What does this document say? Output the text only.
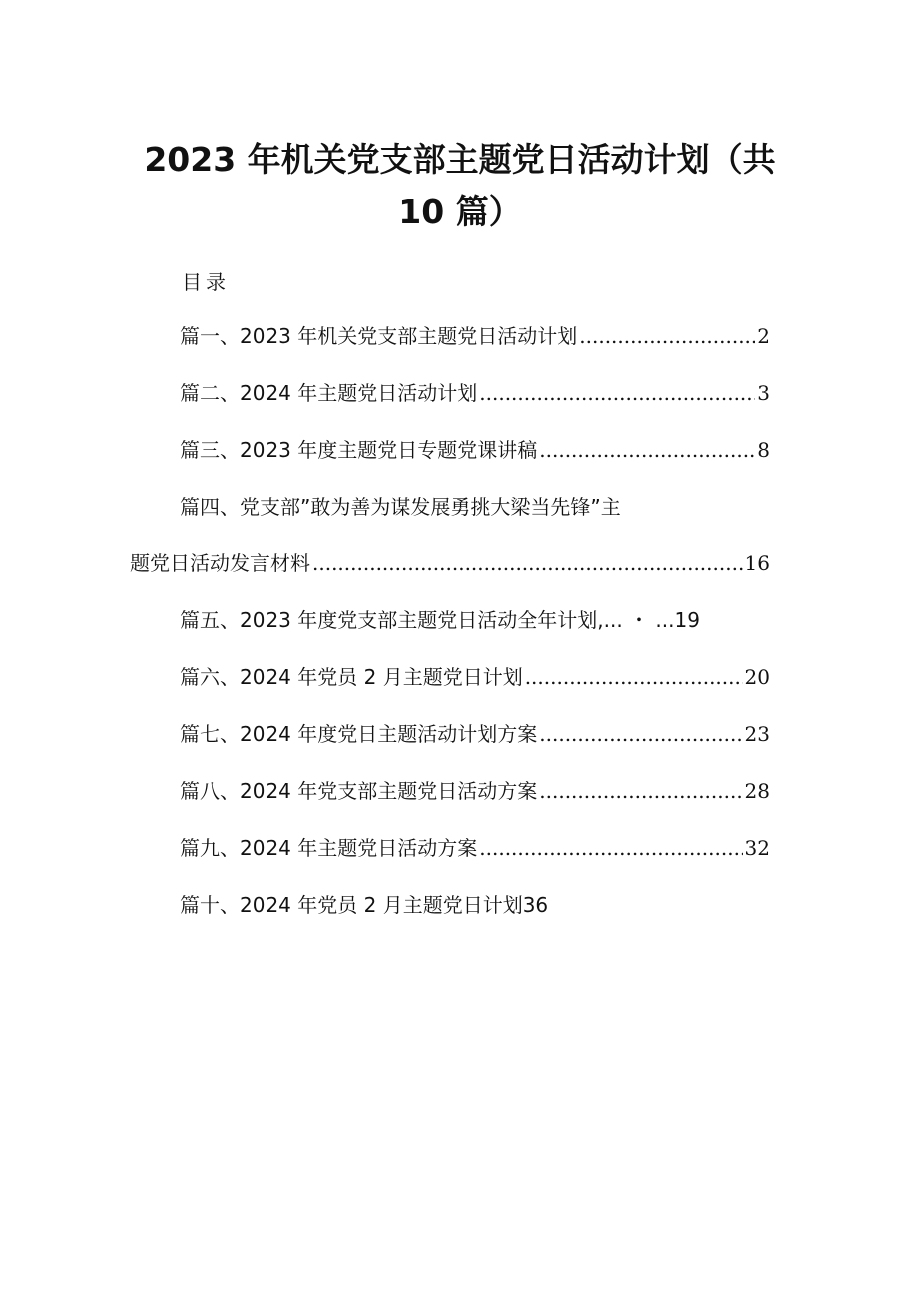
2023 年机关党支部主题党日活动计划（共
10 篇）
目录
篇一、2023 年机关党支部主题党日活动计划 .....	2
篇二、2024 年主题党日活动计划 .....	3
篇三、2023 年度主题党日专题党课讲稿 .....	8
篇四、党支部”敢为善为谋发展勇挑大梁当先锋”主
题党日活动发言材料 .....	16
篇五、2023 年度党支部主题党日活动全年计划,... ・ ...19
篇六、2024 年党员 2 月主题党日计划 .....	20
篇七、2024 年度党日主题活动计划方案 .....	23
篇八、2024 年党支部主题党日活动方案 .....	28
篇九、2024 年主题党日活动方案 .....	32
篇十、2024 年党员 2 月主题党日计划36
